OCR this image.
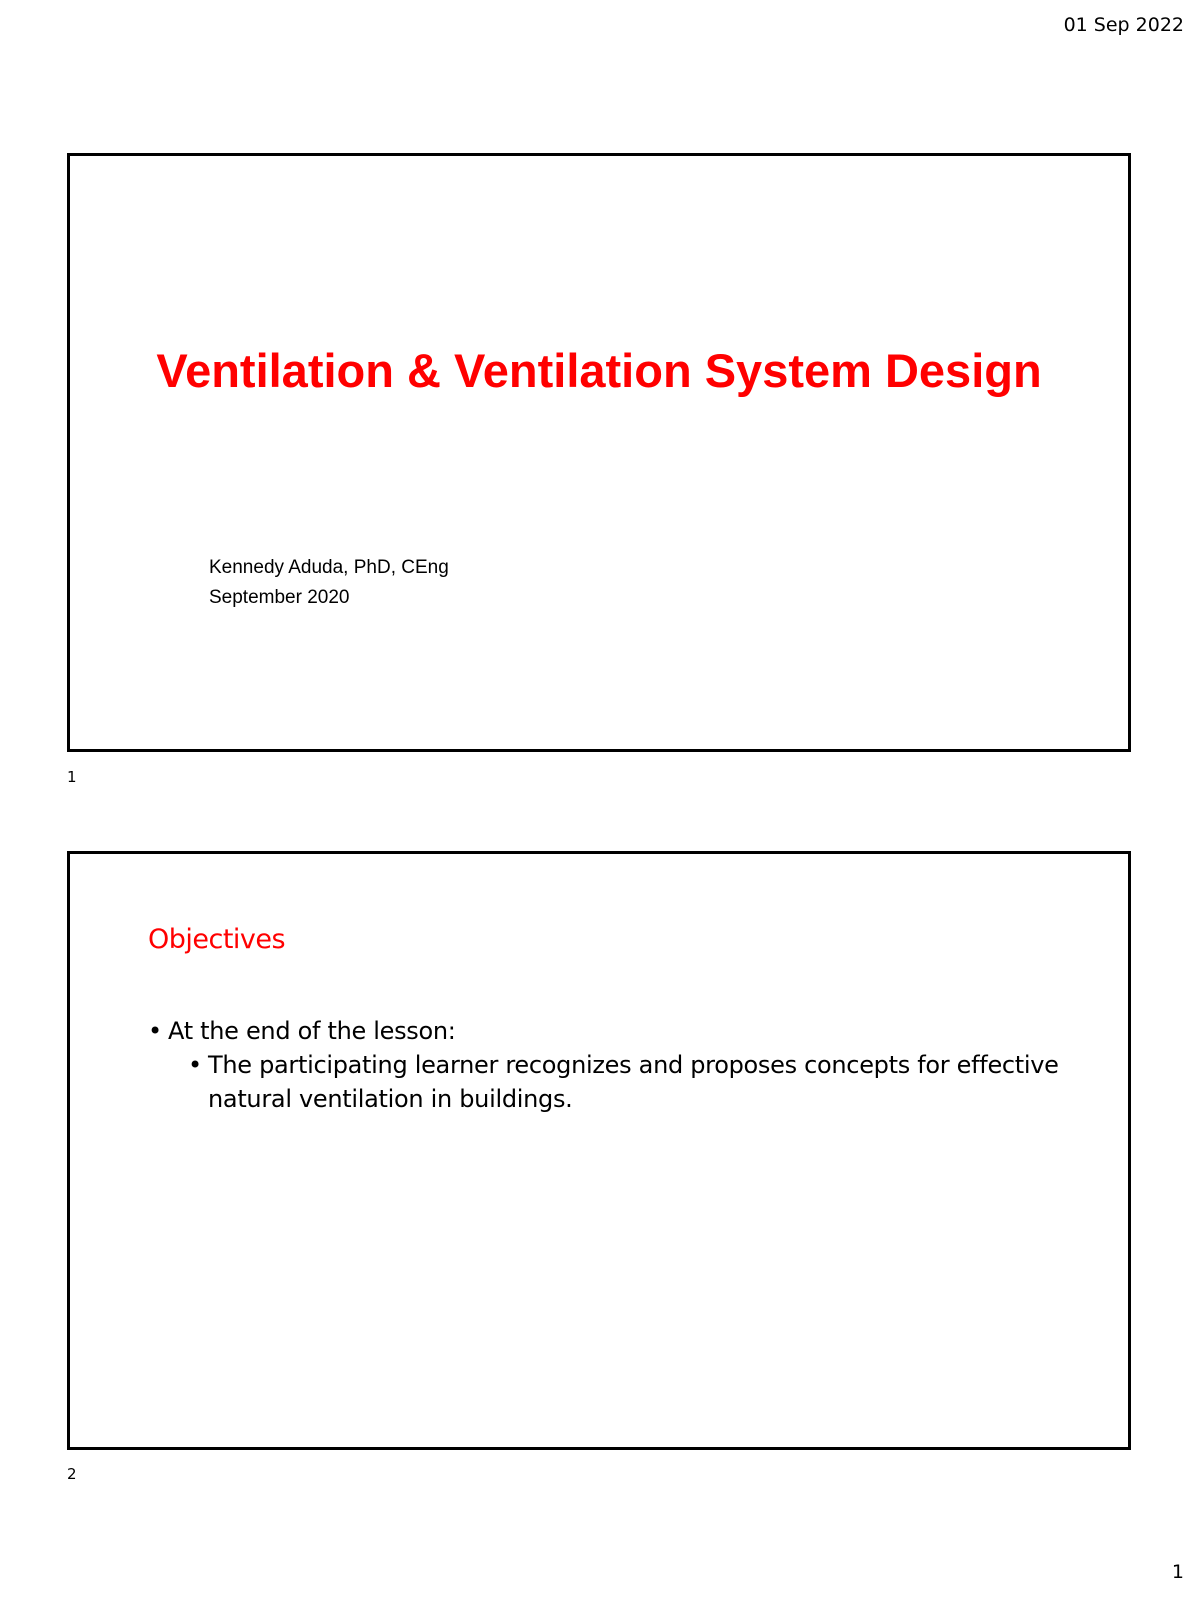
01 Sep 2022
Ventilation & Ventilation System Design
Kennedy Aduda, PhD, CEng
September 2020
1
Objectives
• At the end of the lesson:
• The participating learner recognizes and proposes concepts for effective natural ventilation in buildings.
2
1
